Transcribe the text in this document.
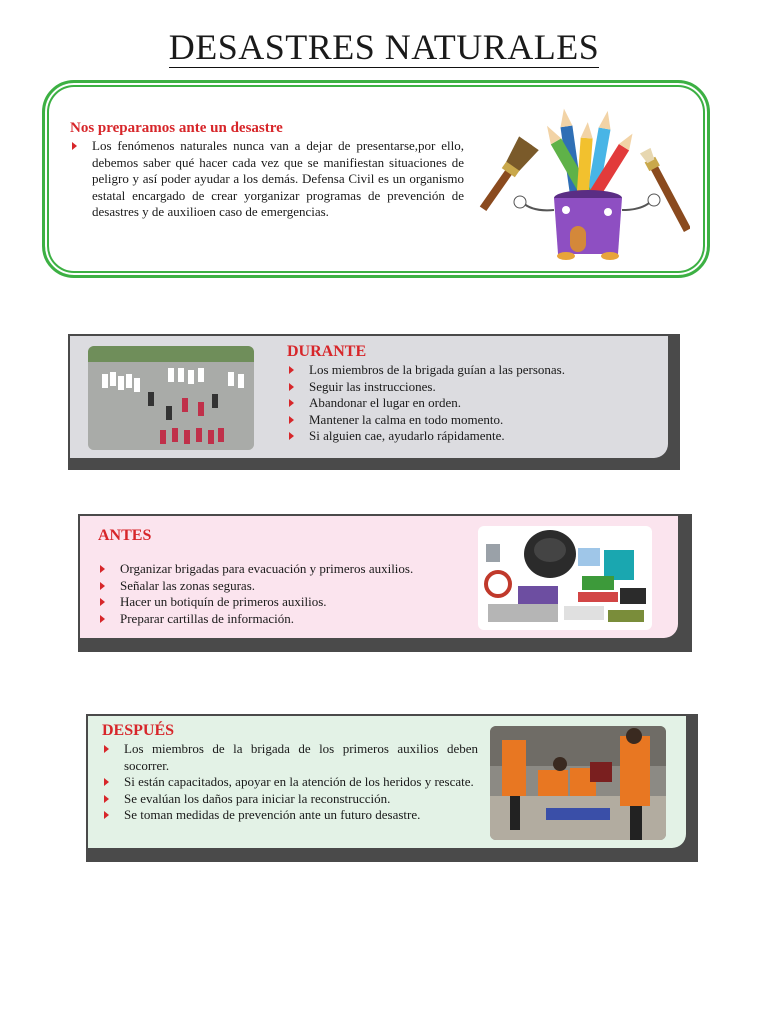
DESASTRES NATURALES
Nos preparamos ante un desastre
Los fenómenos naturales nunca van a dejar de presentarse,por ello, debemos saber qué hacer cada vez que se manifiestan situaciones de peligro y así poder ayudar a los demás. Defensa Civil es un organismo estatal encargado de crear yorganizar programas de prevención de desastres y de auxilioen caso de emergencias.
DURANTE
Los miembros de la brigada guían a las personas.
Seguir las instrucciones.
Abandonar el lugar en orden.
Mantener la calma en todo momento.
Si alguien cae, ayudarlo rápidamente.
ANTES
Organizar brigadas para evacuación y primeros auxilios.
Señalar las zonas seguras.
Hacer un botiquín de primeros auxilios.
Preparar cartillas de información.
DESPUÉS
Los miembros de la brigada de los primeros auxilios deben socorrer.
Si están capacitados, apoyar en la atención de los heridos y rescate.
Se evalúan los daños para iniciar la reconstrucción.
Se toman medidas de prevención ante un futuro desastre.
